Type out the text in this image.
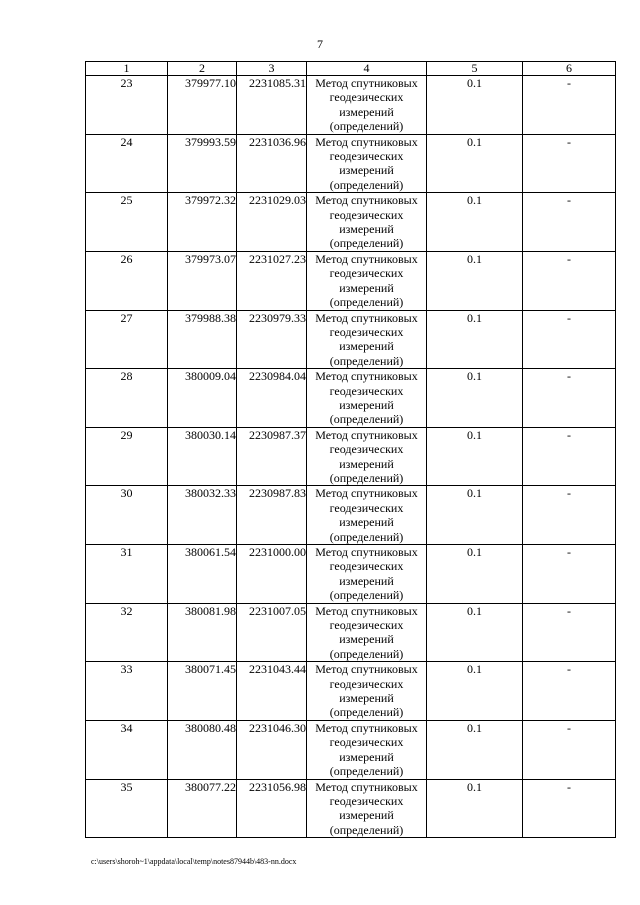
7
1	2	3	4	5	6
23	379977.10	2231085.31	Метод спутниковых геодезических измерений (определений)	0.1	-
24	379993.59	2231036.96	Метод спутниковых геодезических измерений (определений)	0.1	-
25	379972.32	2231029.03	Метод спутниковых геодезических измерений (определений)	0.1	-
26	379973.07	2231027.23	Метод спутниковых геодезических измерений (определений)	0.1	-
27	379988.38	2230979.33	Метод спутниковых геодезических измерений (определений)	0.1	-
28	380009.04	2230984.04	Метод спутниковых геодезических измерений (определений)	0.1	-
29	380030.14	2230987.37	Метод спутниковых геодезических измерений (определений)	0.1	-
30	380032.33	2230987.83	Метод спутниковых геодезических измерений (определений)	0.1	-
31	380061.54	2231000.00	Метод спутниковых геодезических измерений (определений)	0.1	-
32	380081.98	2231007.05	Метод спутниковых геодезических измерений (определений)	0.1	-
33	380071.45	2231043.44	Метод спутниковых геодезических измерений (определений)	0.1	-
34	380080.48	2231046.30	Метод спутниковых геодезических измерений (определений)	0.1	-
35	380077.22	2231056.98	Метод спутниковых геодезических измерений (определений)	0.1	-
c:\users\shoroh~1\appdata\local\temp\notes87944b\483-nn.docx
